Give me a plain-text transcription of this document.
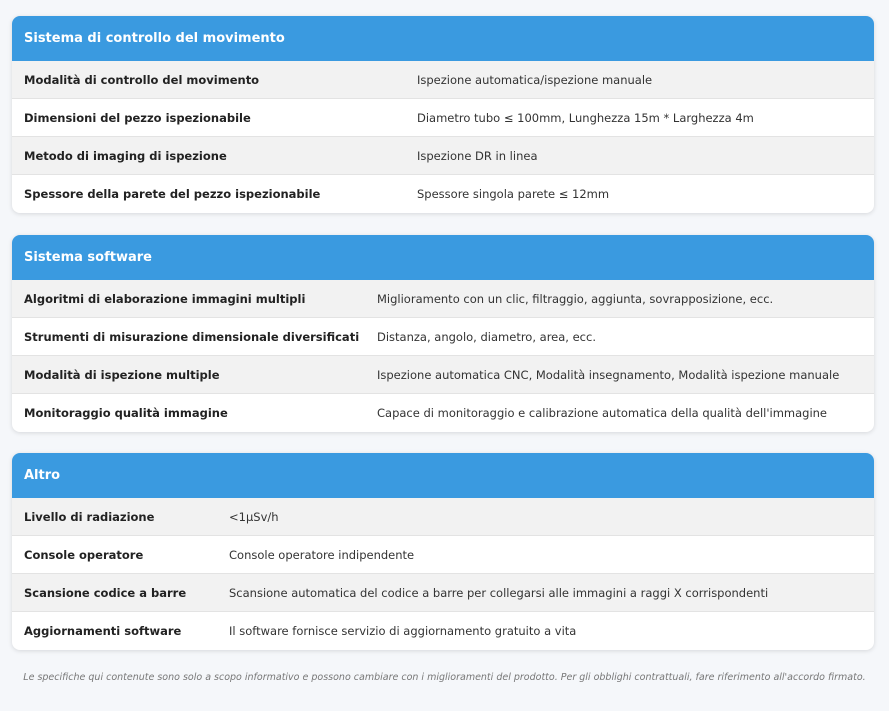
Sistema di controllo del movimento
Modalità di controllo del movimento	Ispezione automatica/ispezione manuale
Dimensioni del pezzo ispezionabile	Diametro tubo ≤ 100mm, Lunghezza 15m * Larghezza 4m
Metodo di imaging di ispezione	Ispezione DR in linea
Spessore della parete del pezzo ispezionabile	Spessore singola parete ≤ 12mm
Sistema software
Algoritmi di elaborazione immagini multipli	Miglioramento con un clic, filtraggio, aggiunta, sovrapposizione, ecc.
Strumenti di misurazione dimensionale diversificati	Distanza, angolo, diametro, area, ecc.
Modalità di ispezione multiple	Ispezione automatica CNC, Modalità insegnamento, Modalità ispezione manuale
Monitoraggio qualità immagine	Capace di monitoraggio e calibrazione automatica della qualità dell'immagine
Altro
Livello di radiazione	<1μSv/h
Console operatore	Console operatore indipendente
Scansione codice a barre	Scansione automatica del codice a barre per collegarsi alle immagini a raggi X corrispondenti
Aggiornamenti software	Il software fornisce servizio di aggiornamento gratuito a vita
Le specifiche qui contenute sono solo a scopo informativo e possono cambiare con i miglioramenti del prodotto. Per gli obblighi contrattuali, fare riferimento all'accordo firmato.
